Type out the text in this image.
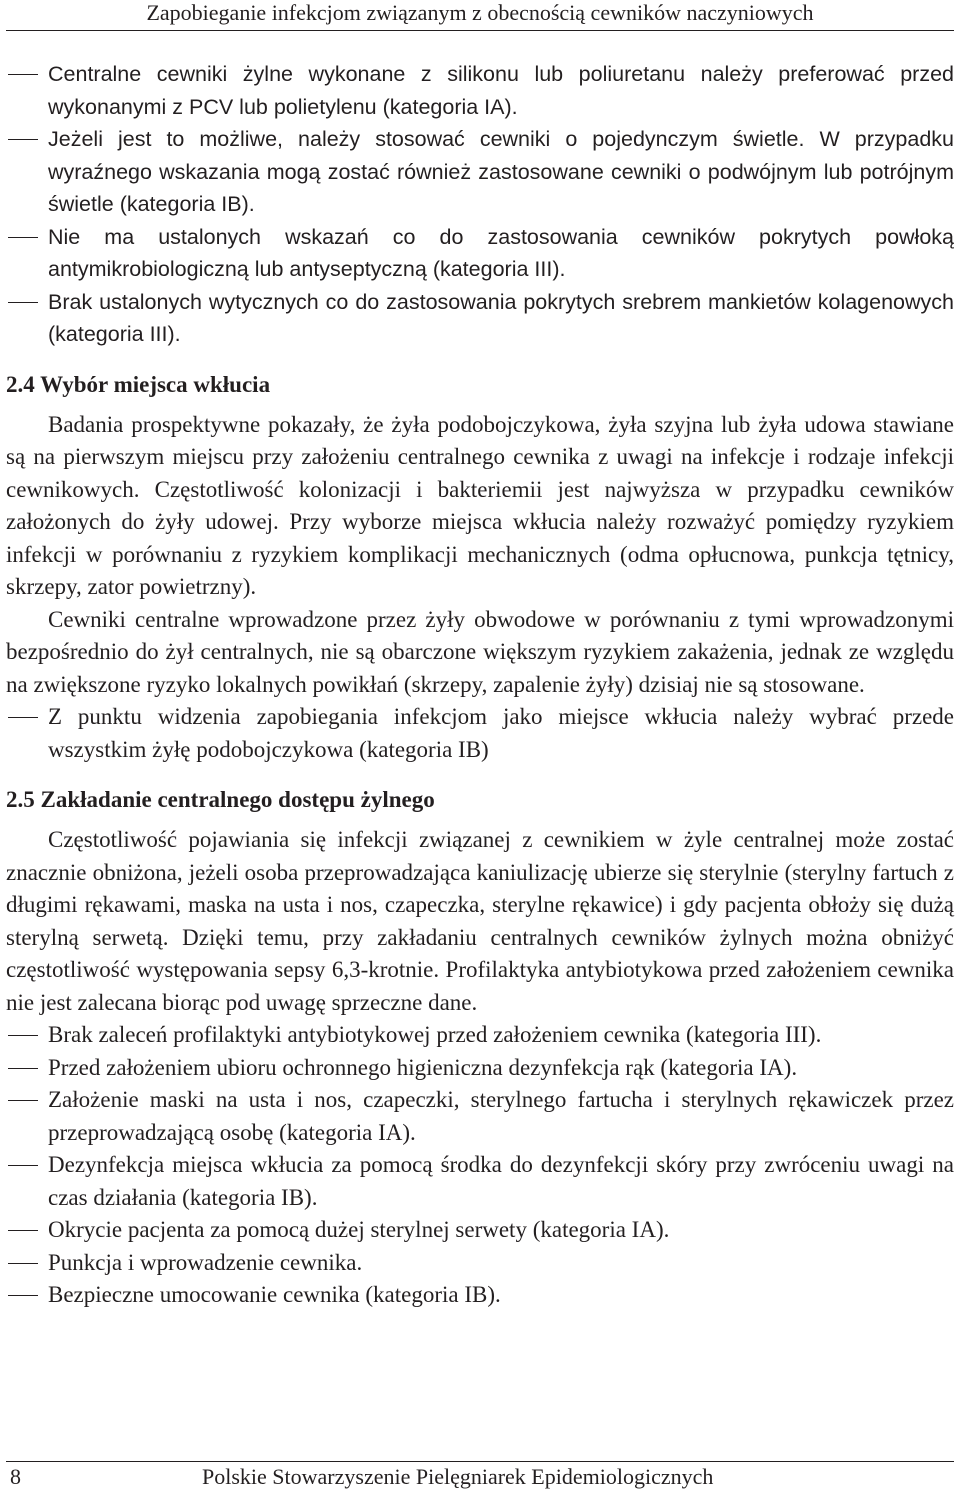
Zapobieganie infekcjom związanym z obecnością cewników naczyniowych
Centralne cewniki żylne wykonane z silikonu lub poliuretanu należy preferować przed wykonanymi z PCV lub polietylenu (kategoria IA).
Jeżeli jest to możliwe, należy stosować cewniki o pojedynczym świetle. W przypadku wyraźnego wskazania mogą zostać również zastosowane cewniki o podwójnym lub potrójnym świetle (kategoria IB).
Nie ma ustalonych wskazań co do zastosowania cewników pokrytych powłoką antymikrobiologiczną lub antyseptyczną (kategoria III).
Brak ustalonych wytycznych co do zastosowania pokrytych srebrem mankietów kolagenowych (kategoria III).
2.4 Wybór miejsca wkłucia
Badania prospektywne pokazały, że żyła podobojczykowa, żyła szyjna lub żyła udowa stawiane są na pierwszym miejscu przy założeniu centralnego cewnika z uwagi na infekcje i rodzaje infekcji cewnikowych. Częstotliwość kolonizacji i bakteriemii jest najwyższa w przypadku cewników założonych do żyły udowej. Przy wyborze miejsca wkłucia należy rozważyć pomiędzy ryzykiem infekcji w porównaniu z ryzykiem komplikacji mechanicznych (odma opłucnowa, punkcja tętnicy, skrzepy, zator powietrzny).
Cewniki centralne wprowadzone przez żyły obwodowe w porównaniu z tymi wprowadzonymi bezpośrednio do żył centralnych, nie są obarczone większym ryzykiem zakażenia, jednak ze względu na zwiększone ryzyko lokalnych powikłań (skrzepy, zapalenie żyły) dzisiaj nie są stosowane.
Z punktu widzenia zapobiegania infekcjom jako miejsce wkłucia należy wybrać przede wszystkim żyłę podobojczykowa (kategoria IB)
2.5 Zakładanie centralnego dostępu żylnego
Częstotliwość pojawiania się infekcji związanej z cewnikiem w żyle centralnej może zostać znacznie obniżona, jeżeli osoba przeprowadzająca kaniulizację ubierze się sterylnie (sterylny fartuch z długimi rękawami, maska na usta i nos, czapeczka, sterylne rękawice) i gdy pacjenta obłoży się dużą sterylną serwetą. Dzięki temu, przy zakładaniu centralnych cewników żylnych można obniżyć częstotliwość występowania sepsy 6,3-krotnie. Profilaktyka antybiotykowa przed założeniem cewnika nie jest zalecana biorąc pod uwagę sprzeczne dane.
Brak zaleceń profilaktyki antybiotykowej przed założeniem cewnika (kategoria III).
Przed założeniem ubioru ochronnego higieniczna dezynfekcja rąk (kategoria IA).
Założenie maski na usta i nos, czapeczki, sterylnego fartucha i sterylnych rękawiczek przez przeprowadzającą osobę (kategoria IA).
Dezynfekcja miejsca wkłucia za pomocą środka do dezynfekcji skóry przy zwróceniu uwagi na czas działania (kategoria IB).
Okrycie pacjenta za pomocą dużej sterylnej serwety (kategoria IA).
Punkcja i wprowadzenie cewnika.
Bezpieczne umocowanie cewnika (kategoria IB).
8	Polskie Stowarzyszenie Pielęgniarek Epidemiologicznych
